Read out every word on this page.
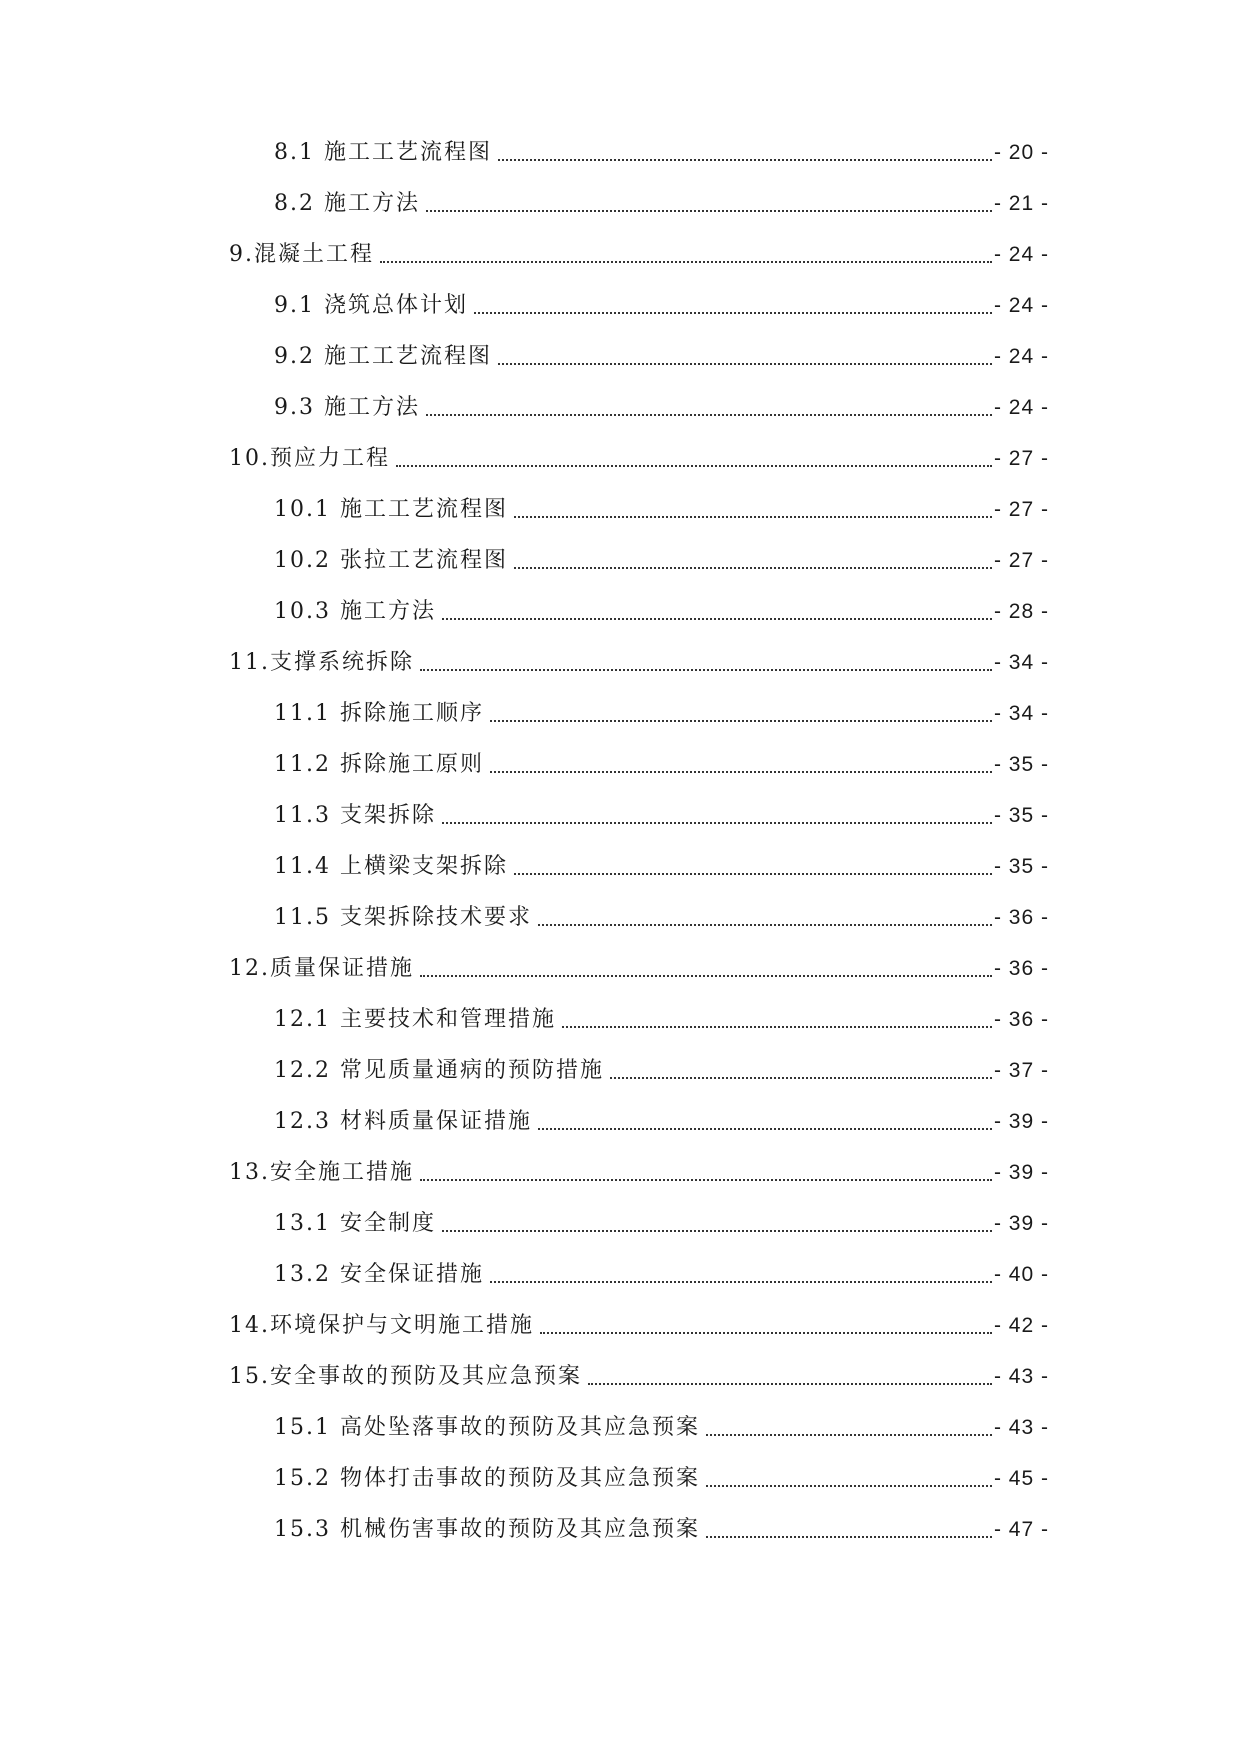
8.1 施工工艺流程图	- 20 -
8.2 施工方法	- 21 -
9.混凝土工程	- 24 -
9.1 浇筑总体计划	- 24 -
9.2 施工工艺流程图	- 24 -
9.3 施工方法	- 24 -
10.预应力工程	- 27 -
10.1 施工工艺流程图	- 27 -
10.2 张拉工艺流程图	- 27 -
10.3 施工方法	- 28 -
11.支撑系统拆除	- 34 -
11.1 拆除施工顺序	- 34 -
11.2 拆除施工原则	- 35 -
11.3 支架拆除	- 35 -
11.4 上横梁支架拆除	- 35 -
11.5 支架拆除技术要求	- 36 -
12.质量保证措施	- 36 -
12.1 主要技术和管理措施	- 36 -
12.2 常见质量通病的预防措施	- 37 -
12.3 材料质量保证措施	- 39 -
13.安全施工措施	- 39 -
13.1 安全制度	- 39 -
13.2 安全保证措施	- 40 -
14.环境保护与文明施工措施	- 42 -
15.安全事故的预防及其应急预案	- 43 -
15.1 高处坠落事故的预防及其应急预案	- 43 -
15.2 物体打击事故的预防及其应急预案	- 45 -
15.3 机械伤害事故的预防及其应急预案	- 47 -
